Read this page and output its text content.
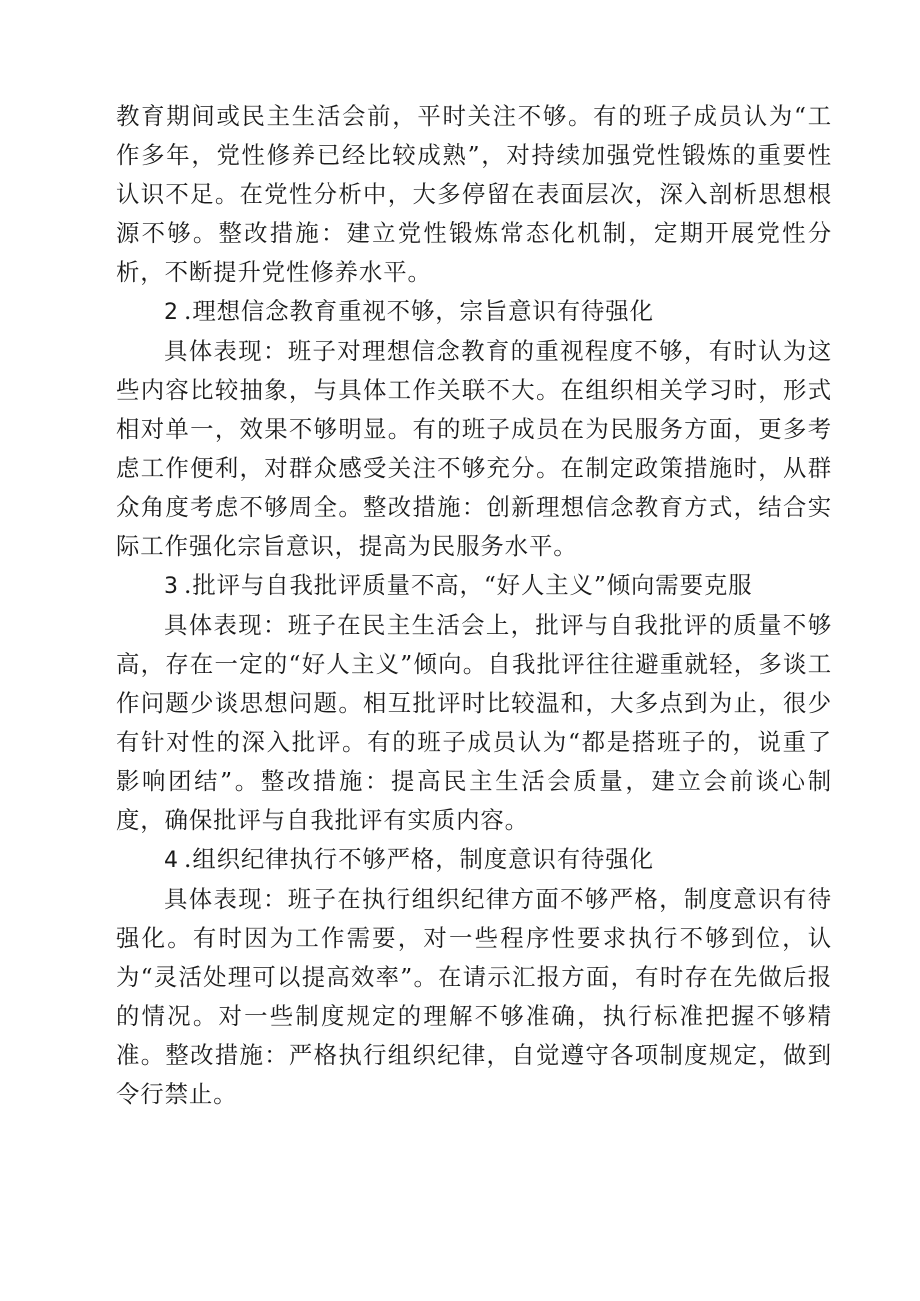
教育期间或民主生活会前，平时关注不够。有的班子成员认为“工作多年，党性修养已经比较成熟”，对持续加强党性锻炼的重要性认识不足。在党性分析中，大多停留在表面层次，深入剖析思想根源不够。整改措施：建立党性锻炼常态化机制，定期开展党性分析，不断提升党性修养水平。

2 .理想信念教育重视不够，宗旨意识有待强化

具体表现：班子对理想信念教育的重视程度不够，有时认为这些内容比较抽象，与具体工作关联不大。在组织相关学习时，形式相对单一，效果不够明显。有的班子成员在为民服务方面，更多考虑工作便利，对群众感受关注不够充分。在制定政策措施时，从群众角度考虑不够周全。整改措施：创新理想信念教育方式，结合实际工作强化宗旨意识，提高为民服务水平。

3 .批评与自我批评质量不高，“好人主义”倾向需要克服

具体表现：班子在民主生活会上，批评与自我批评的质量不够高，存在一定的“好人主义”倾向。自我批评往往避重就轻，多谈工作问题少谈思想问题。相互批评时比较温和，大多点到为止，很少有针对性的深入批评。有的班子成员认为“都是搭班子的，说重了影响团结”。整改措施：提高民主生活会质量，建立会前谈心制度，确保批评与自我批评有实质内容。

4 .组织纪律执行不够严格，制度意识有待强化

具体表现：班子在执行组织纪律方面不够严格，制度意识有待强化。有时因为工作需要，对一些程序性要求执行不够到位，认为“灵活处理可以提高效率”。在请示汇报方面，有时存在先做后报的情况。对一些制度规定的理解不够准确，执行标准把握不够精准。整改措施：严格执行组织纪律，自觉遵守各项制度规定，做到令行禁止。
